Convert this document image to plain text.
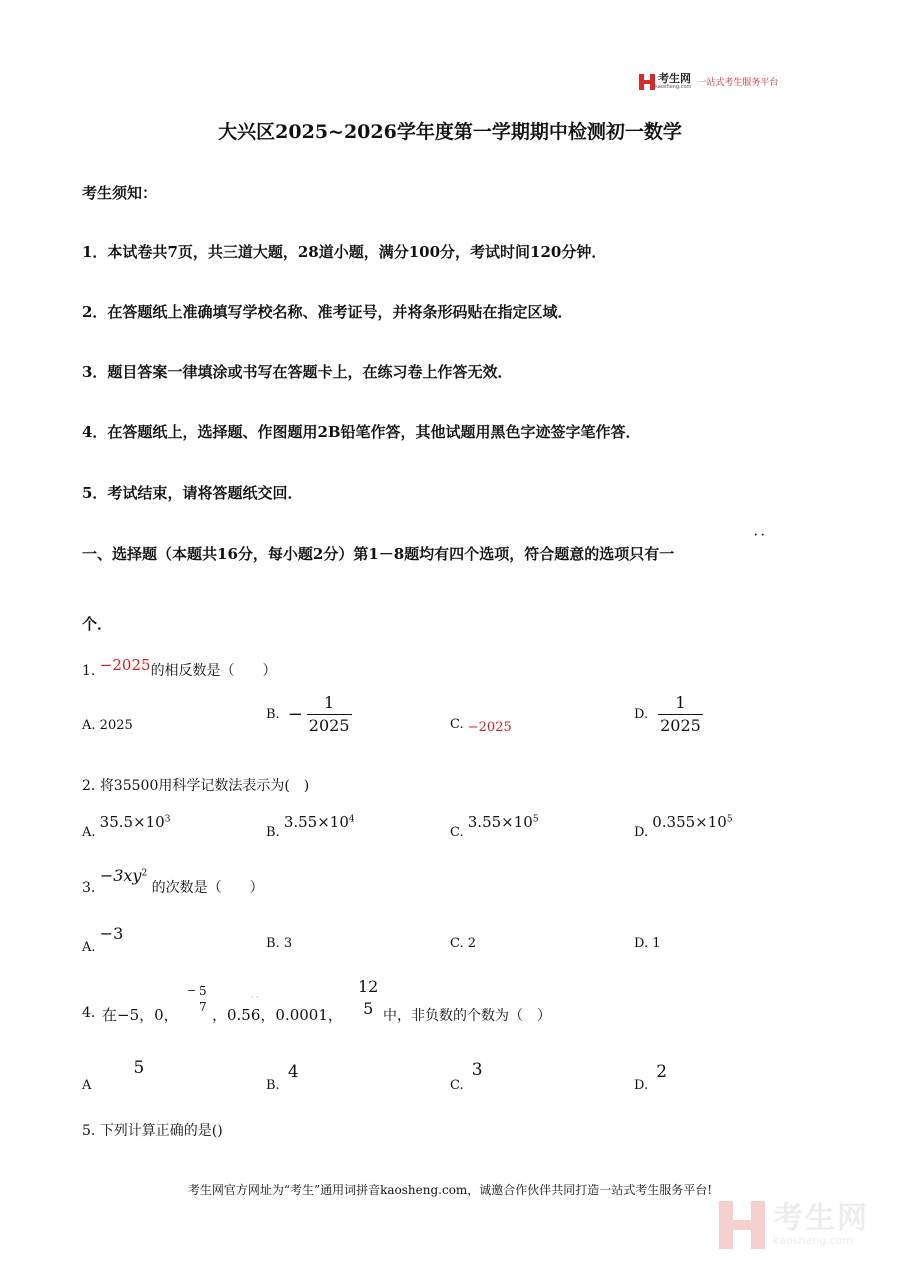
考生网
kaosheng.com 一站式考生服务平台
大兴区2025~2026学年度第一学期期中检测初一数学
考生须知：
1．本试卷共7页，共三道大题，28道小题，满分100分，考试时间120分钟．
2．在答题纸上准确填写学校名称、准考证号，并将条形码贴在指定区域．
3．题目答案一律填涂或书写在答题卡上，在练习卷上作答无效．
4．在答题纸上，选择题、作图题用2B铅笔作答，其他试题用黑色字迹签字笔作答．
5．考试结束，请将答题纸交回．
· ·
一、选择题（本题共16分，每小题2分）第1－8题均有四个选项，符合题意的选项只有一
个．
1. −2025的相反数是（　　）
A. 2025
B. − $\frac{1}{2025}$	C. −2025
D. $\frac{1}{2025}$
2. 将35500用科学记数法表示为(　)
A. $35.5\times 10^3$
B. $3.55\times 10^4$
C. $3.55\times 10^5$
D. $0.355\times 10^5$
3. $-3xy^2$ 的次数是（　　）
A. −3
B. 3	C. 2	D. 1
4. 在−5，0，
− 5
7
· ·
，0.56，0.0001，
12
5 中，非负数的个数为（　）
A 5
B. 4
C. 3
D. 2
5. 下列计算正确的是()
考生网官方网址为“考生”通用词拼音kaosheng.com，诚邀合作伙伴共同打造一站式考生服务平台!
考生网
kaosheng.com
